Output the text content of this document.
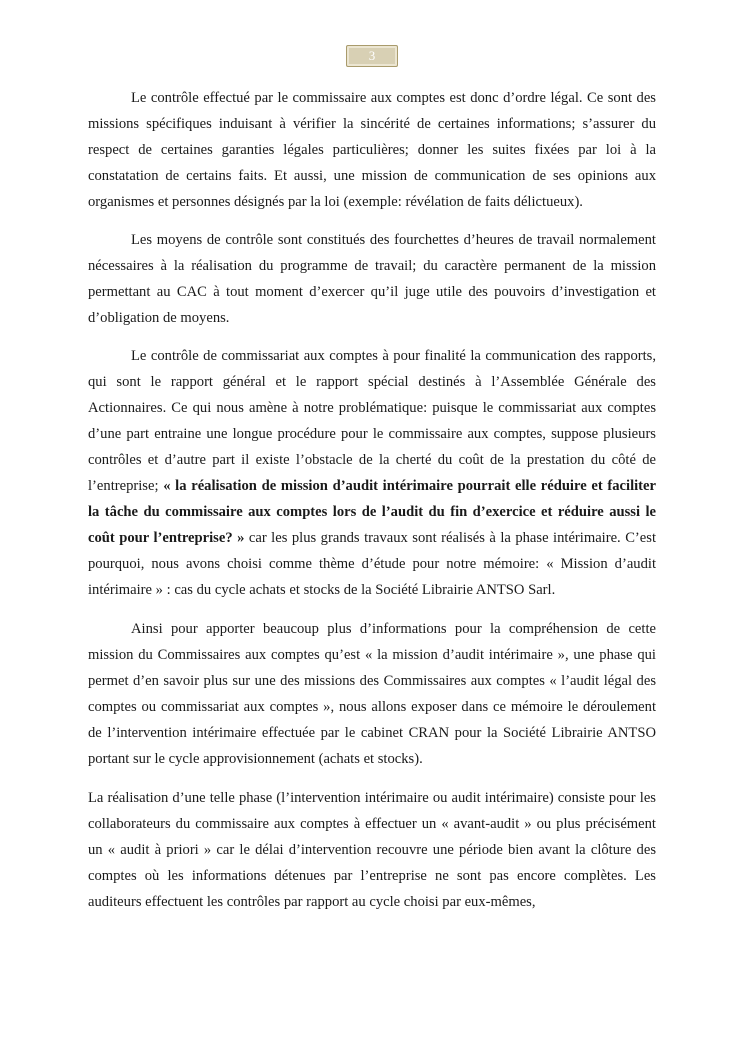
3

Le contrôle effectué par le commissaire aux comptes est donc d’ordre légal. Ce sont des missions spécifiques induisant à vérifier la sincérité de certaines informations; s’assurer du respect de certaines garanties légales particulières; donner les suites fixées par loi à la constatation de certains faits. Et aussi, une mission de communication de ses opinions aux organismes et personnes désignés par la loi (exemple: révélation de faits délictueux).

Les moyens de contrôle sont constitués des fourchettes d’heures de travail normalement nécessaires à la réalisation du programme de travail; du caractère permanent de la mission permettant au CAC à tout moment d’exercer qu’il juge utile des pouvoirs d’investigation et d’obligation de moyens.

Le contrôle de commissariat aux comptes à pour finalité la communication des rapports, qui sont le rapport général et le rapport spécial destinés à l’Assemblée Générale des Actionnaires. Ce qui nous amène à notre problématique: puisque le commissariat aux comptes d’une part entraine une longue procédure pour le commissaire aux comptes, suppose plusieurs contrôles et d’autre part il existe l’obstacle de la cherté du coût de la prestation du côté de l’entreprise; « la réalisation de mission d’audit intérimaire pourrait elle réduire et faciliter la tâche du commissaire aux comptes lors de l’audit du fin d’exercice et réduire aussi le coût pour l’entreprise? » car les plus grands travaux sont réalisés à la phase intérimaire. C’est pourquoi, nous avons choisi comme thème d’étude pour notre mémoire: « Mission d’audit intérimaire » : cas du cycle achats et stocks de la Société Librairie ANTSO Sarl.

Ainsi pour apporter beaucoup plus d’informations pour la compréhension de cette mission du Commissaires aux comptes qu’est « la mission d’audit intérimaire », une phase qui permet d’en savoir plus sur une des missions des Commissaires aux comptes « l’audit légal des comptes ou commissariat aux comptes », nous allons exposer dans ce mémoire le déroulement de l’intervention intérimaire effectuée par le cabinet CRAN pour la Société Librairie ANTSO portant sur le cycle approvisionnement (achats et stocks).

La réalisation d’une telle phase (l’intervention intérimaire ou audit intérimaire) consiste pour les collaborateurs du commissaire aux comptes à effectuer un « avant-audit » ou plus précisément un « audit à priori » car le délai d’intervention recouvre une période bien avant la clôture des comptes où les informations détenues par l’entreprise ne sont pas encore complètes. Les auditeurs effectuent les contrôles par rapport au cycle choisi par eux-mêmes,
